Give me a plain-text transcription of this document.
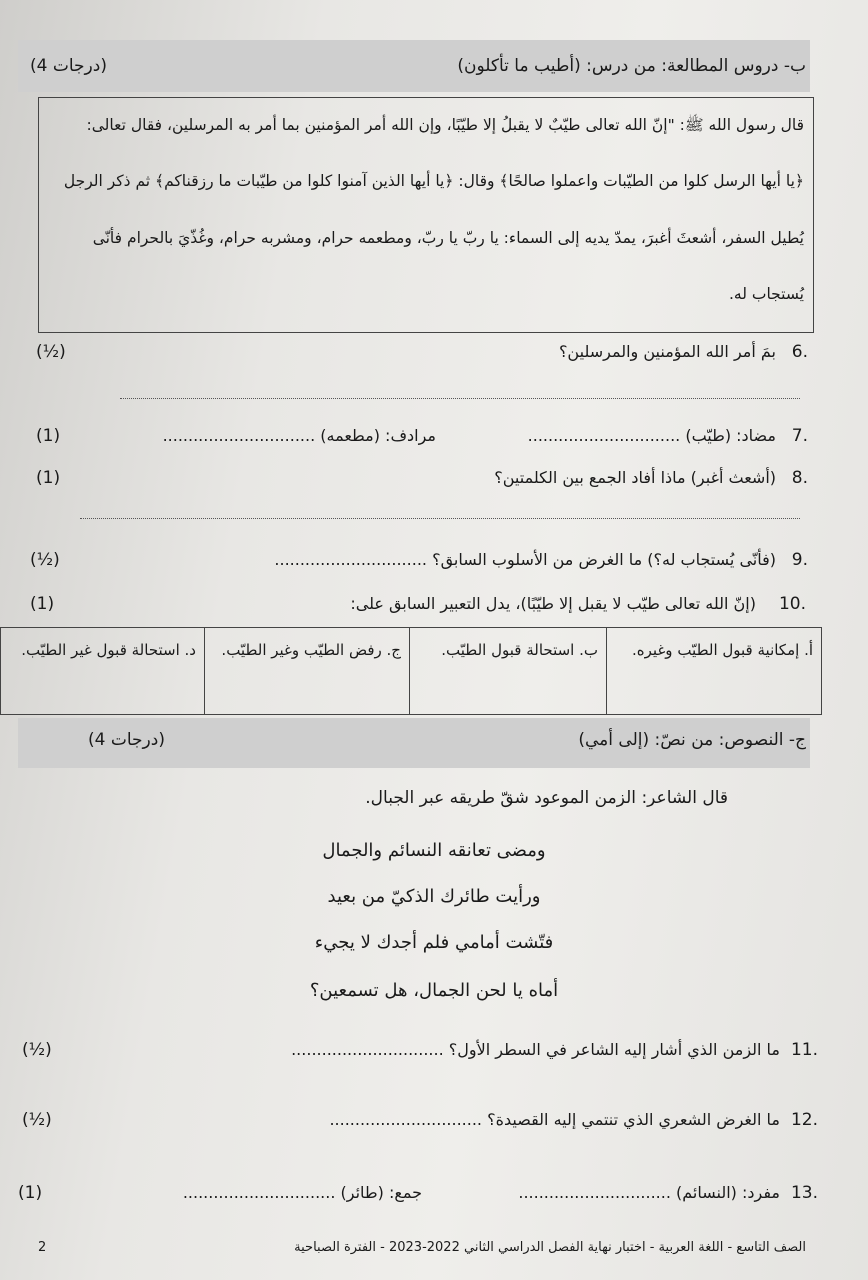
ب- دروس المطالعة: من درس: (أطيب ما تأكلون)
(4 درجات)
قال رسول الله ﷺ: "إنّ الله تعالى طيّبٌ لا يقبلُ إلا طيّبًا، وإن الله أمر المؤمنين بما أمر به المرسلين، فقال تعالى:
﴿يا أيها الرسل كلوا من الطيّبات واعملوا صالحًا﴾ وقال: ﴿يا أيها الذين آمنوا كلوا من طيّبات ما رزقناكم﴾ ثم ذكر الرجل
يُطيل السفر، أشعثَ أغبرَ، يمدّ يديه إلى السماء: يا ربّ يا ربّ، ومطعمه حرام، ومشربه حرام، وغُذّيَ بالحرام فأنّى
يُستجاب له.
6.
بمَ أمر الله المؤمنين والمرسلين؟
(½)
7.
مضاد: (طيّب) ..............................
مرادف: (مطعمه) ..............................
(1)
8.
(أشعث أغبر) ماذا أفاد الجمع بين الكلمتين؟
(1)
9.
(فأنّى يُستجاب له؟) ما الغرض من الأسلوب السابق؟ ..............................
(½)
10.
(إنّ الله تعالى طيّب لا يقبل إلا طيّبًا)، يدل التعبير السابق على:
(1)
أ. إمكانية قبول الطيّب وغيره.
ب. استحالة قبول الطيّب.
ج. رفض الطيّب وغير الطيّب.
د. استحالة قبول غير الطيّب.
ج- النصوص: من نصّ: (إلى أمي)
(4 درجات)
قال الشاعر:
الزمن الموعود شقّ طريقه عبر الجبال.
ومضى تعانقه النسائم والجمال
ورأيت طائرك الذكيّ من بعيد
فتّشت أمامي فلم أجدك لا يجيء
أماه يا لحن الجمال، هل تسمعين؟
11.
ما الزمن الذي أشار إليه الشاعر في السطر الأول؟ ..............................
(½)
12.
ما الغرض الشعري الذي تنتمي إليه القصيدة؟ ..............................
(½)
13.
مفرد: (النسائم) ..............................
جمع: (طائر) ..............................
(1)
2	الصف التاسع - اللغة العربية - اختبار نهاية الفصل الدراسي الثاني 2022-2023 - الفترة الصباحية
